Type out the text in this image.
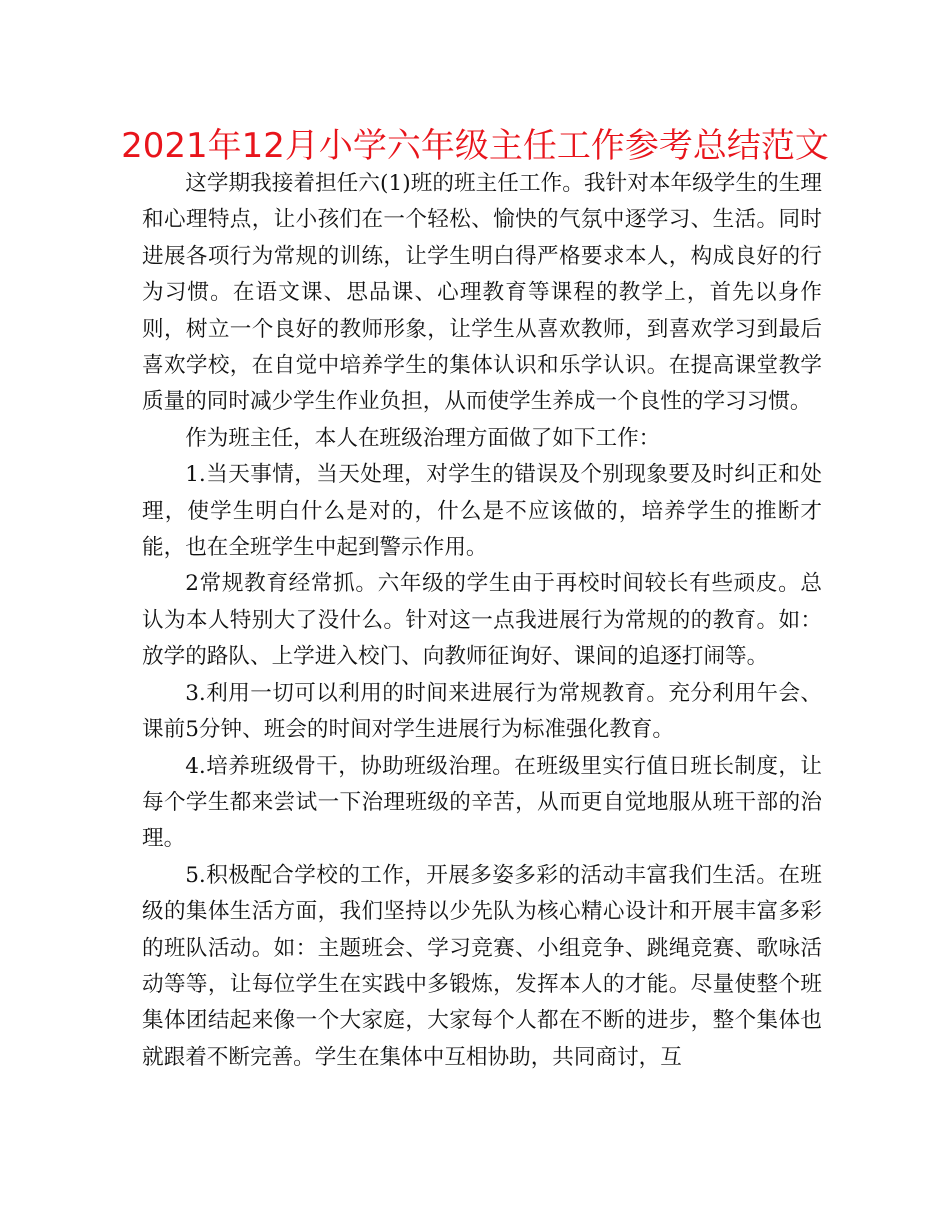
2021年12月小学六年级主任工作参考总结范文

这学期我接着担任六(1)班的班主任工作。我针对本年级学生的生理和心理特点，让小孩们在一个轻松、愉快的气氛中逐学习、生活。同时进展各项行为常规的训练，让学生明白得严格要求本人，构成良好的行为习惯。在语文课、思品课、心理教育等课程的教学上，首先以身作则，树立一个良好的教师形象，让学生从喜欢教师，到喜欢学习到最后喜欢学校，在自觉中培养学生的集体认识和乐学认识。在提高课堂教学质量的同时减少学生作业负担，从而使学生养成一个良性的学习习惯。

作为班主任，本人在班级治理方面做了如下工作：

1.当天事情，当天处理，对学生的错误及个别现象要及时纠正和处理，使学生明白什么是对的，什么是不应该做的，培养学生的推断才能，也在全班学生中起到警示作用。

2常规教育经常抓。六年级的学生由于再校时间较长有些顽皮。总认为本人特别大了没什么。针对这一点我进展行为常规的的教育。如：放学的路队、上学进入校门、向教师征询好、课间的追逐打闹等。

3.利用一切可以利用的时间来进展行为常规教育。充分利用午会、课前5分钟、班会的时间对学生进展行为标准强化教育。

4.培养班级骨干，协助班级治理。在班级里实行值日班长制度，让每个学生都来尝试一下治理班级的辛苦，从而更自觉地服从班干部的治理。

5.积极配合学校的工作，开展多姿多彩的活动丰富我们生活。在班级的集体生活方面，我们坚持以少先队为核心精心设计和开展丰富多彩的班队活动。如：主题班会、学习竞赛、小组竞争、跳绳竞赛、歌咏活动等等，让每位学生在实践中多锻炼，发挥本人的才能。尽量使整个班集体团结起来像一个大家庭，大家每个人都在不断的进步，整个集体也就跟着不断完善。学生在集体中互相协助，共同商讨，互
